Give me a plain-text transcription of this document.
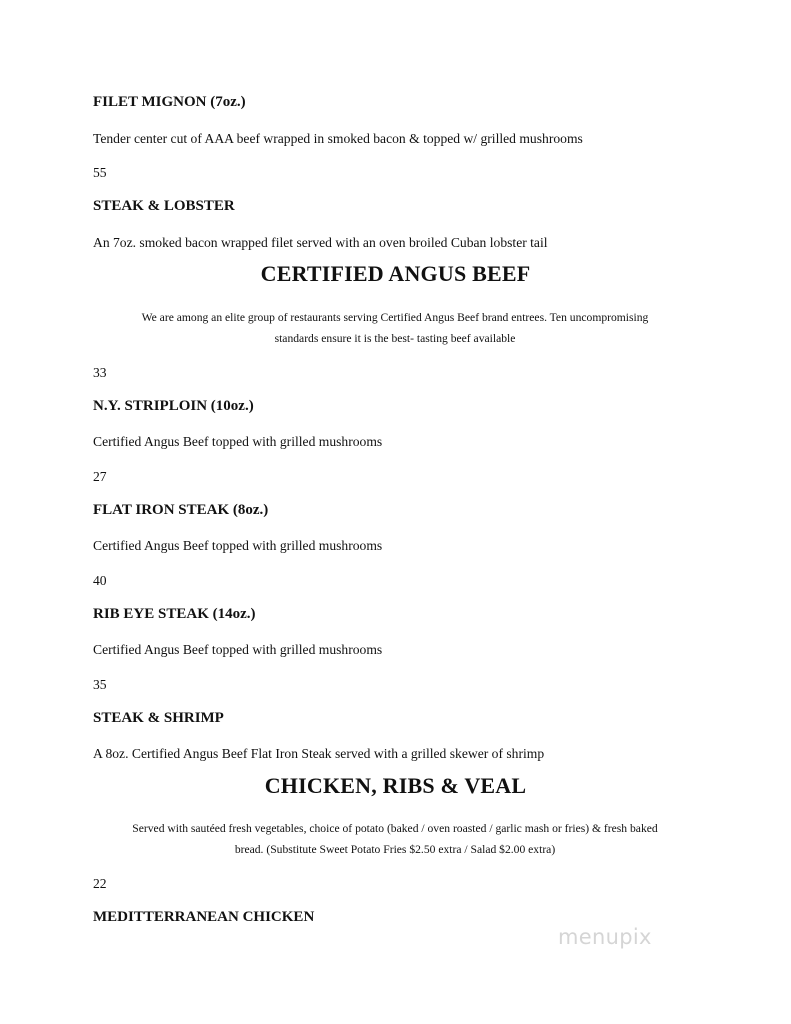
FILET MIGNON (7oz.)

Tender center cut of AAA beef wrapped in smoked bacon & topped w/ grilled mushrooms

55

STEAK & LOBSTER

An 7oz. smoked bacon wrapped filet served with an oven broiled Cuban lobster tail

CERTIFIED ANGUS BEEF
We are among an elite group of restaurants serving Certified Angus Beef brand entrees. Ten uncompromising
standards ensure it is the best- tasting beef available

33

N.Y. STRIPLOIN (10oz.)

Certified Angus Beef topped with grilled mushrooms

27

FLAT IRON STEAK (8oz.)

Certified Angus Beef topped with grilled mushrooms

40

RIB EYE STEAK (14oz.)

Certified Angus Beef topped with grilled mushrooms

35

STEAK & SHRIMP

A 8oz. Certified Angus Beef Flat Iron Steak served with a grilled skewer of shrimp

CHICKEN, RIBS & VEAL
Served with sautéed fresh vegetables, choice of potato (baked / oven roasted / garlic mash or fries) & fresh baked
bread. (Substitute Sweet Potato Fries $2.50 extra / Salad $2.00 extra)

22

MEDITTERRANEAN CHICKEN

menupix
